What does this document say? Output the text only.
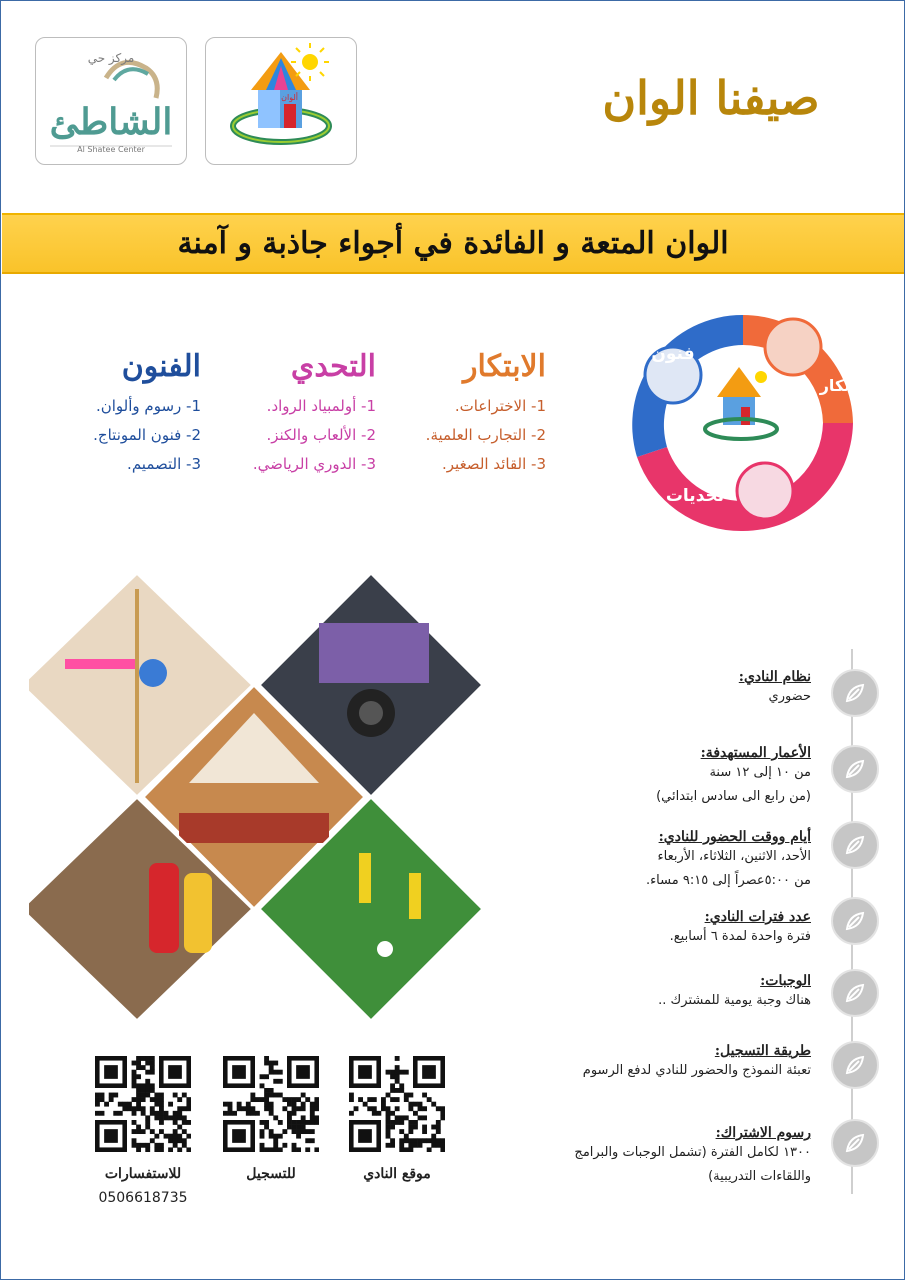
صيفنا الوان
ألوان
مركز حي
الشاطئ
Al Shatee Center
الوان المتعة و الفائدة في أجواء جاذبة و آمنة
الابتكار
1- الاختراعات.
2- التجارب العلمية.
3- القائد الصغير.
التحدي
1- أولمبياد الرواد.
2- الألعاب والكنز.
3- الدوري الرياضي.
الفنون
1- رسوم وألوان.
2- فنون المونتاج.
3- التصميم.
فنون
ابتكار
تحديات
نظام النادي:
حضوري
الأعمار المستهدفة:
من ١٠ إلى ١٢ سنة
(من رابع الى سادس ابتدائي)
أيام ووقت الحضور للنادي:
الأحد، الاثنين، الثلاثاء، الأربعاء
من ٥:٠٠عصراً إلى ٩:١٥ مساء.
عدد فترات النادي:
فترة واحدة لمدة ٦ أسابيع.
الوجبات:
هناك وجبة يومية للمشترك ..
طريقة التسجيل:
تعبئة النموذج والحضور للنادي لدفع الرسوم
رسوم الاشتراك:
١٣٠٠ لكامل الفترة (تشمل الوجبات والبرامج
واللقاءات التدريبية)
موقع النادي
للتسجيل
للاستفسارات
0506618735
